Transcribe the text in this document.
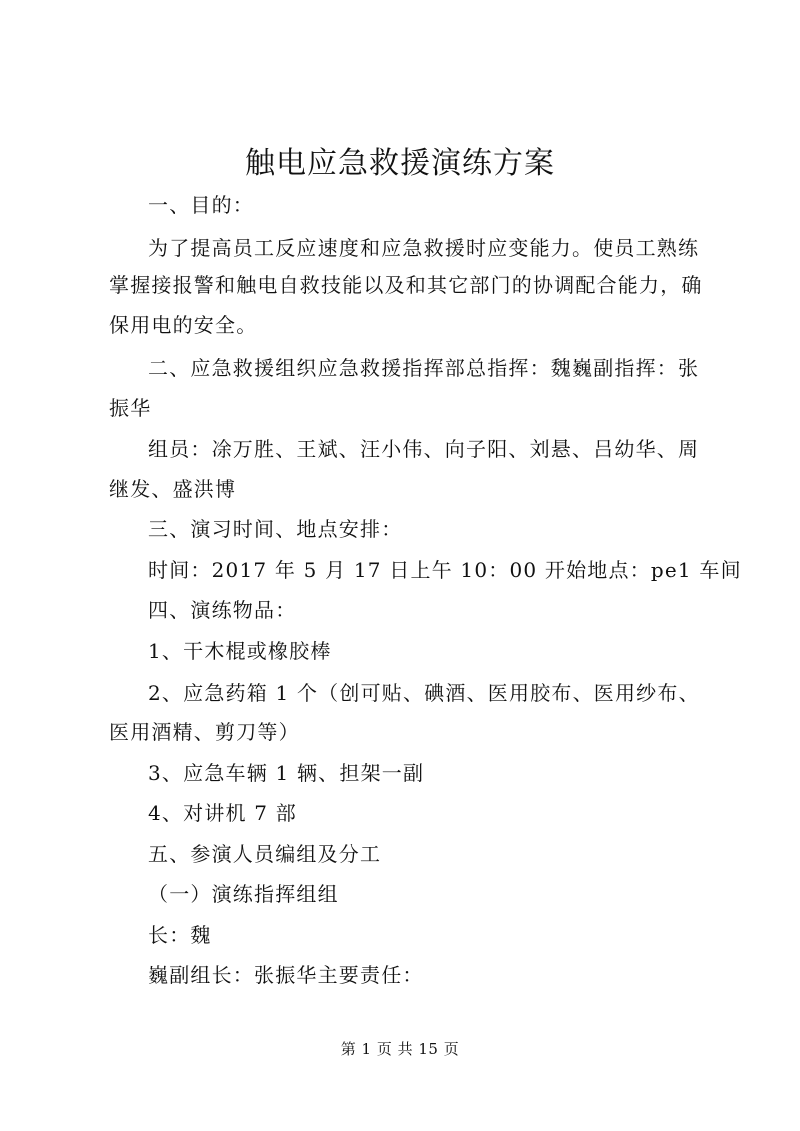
触电应急救援演练方案
一、目的：
为了提高员工反应速度和应急救援时应变能力。使员工熟练
掌握接报警和触电自救技能以及和其它部门的协调配合能力，确
保用电的安全。
二、应急救援组织应急救援指挥部总指挥：魏巍副指挥：张
振华
组员：凃万胜、王斌、汪小伟、向子阳、刘悬、吕幼华、周
继发、盛洪博
三、演习时间、地点安排：
时间：2017 年 5 月 17 日上午 10：00 开始地点：pe1 车间
四、演练物品：
1、干木棍或橡胶棒
2、应急药箱 1 个（创可贴、碘酒、医用胶布、医用纱布、
医用酒精、剪刀等）
3、应急车辆 1 辆、担架一副
4、对讲机 7 部
五、参演人员编组及分工
（一）演练指挥组组
长：魏
巍副组长：张振华主要责任：
第 1 页 共 15 页
